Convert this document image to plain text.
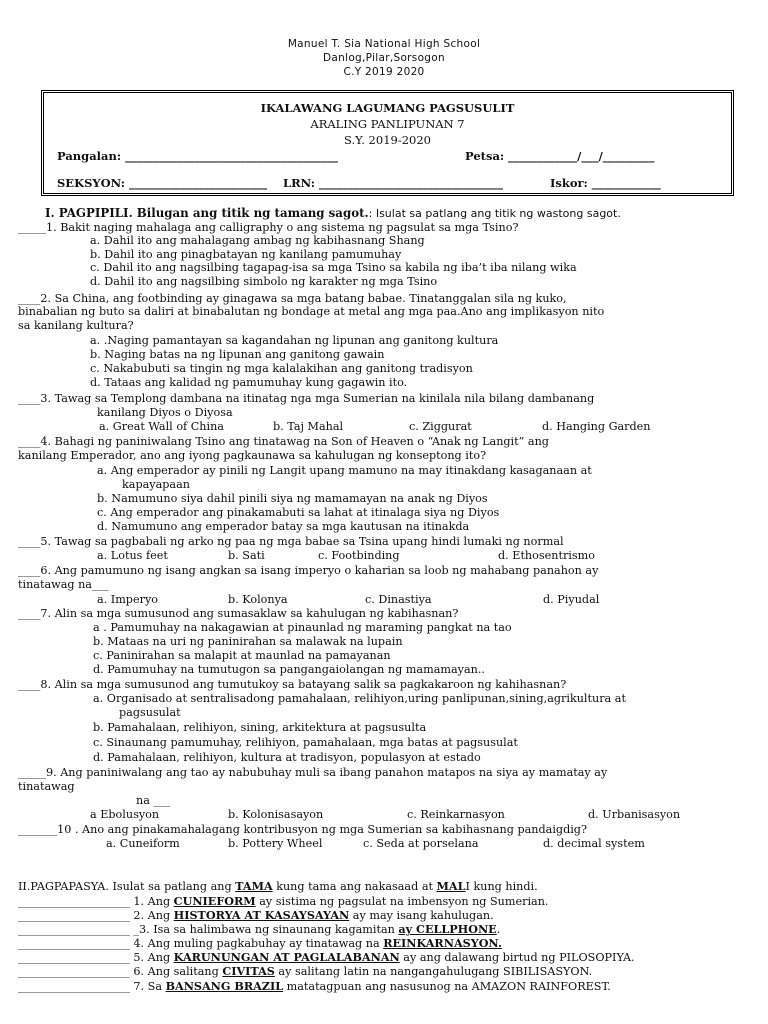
Manuel T. Sia National High School
Danlog,Pilar,Sorsogon
C.Y 2019 2020
IKALAWANG LAGUMANG PAGSUSULIT
ARALING PANLIPUNAN 7
S.Y. 2019-2020
Pangalan: _____________________________________	Petsa: ____________/___/_________
SEKSYON: ________________________ LRN: ________________________________	Iskor: ____________
I. PAGPIPILI. Bilugan ang titik ng tamang sagot.: Isulat sa patlang ang titik ng wastong sagot.
_____1. Bakit naging mahalaga ang calligraphy o ang sistema ng pagsulat sa mga Tsino?
a. Dahil ito ang mahalagang ambag ng kabihasnang Shang
b. Dahil ito ang pinagbatayan ng kanilang pamumuhay
c. Dahil ito ang nagsilbing tagapag-isa sa mga Tsino sa kabila ng iba’t iba nilang wika
d. Dahil ito ang nagsilbing simbolo ng karakter ng mga Tsino
____2. Sa China, ang footbinding ay ginagawa sa mga batang babae. Tinatanggalan sila ng kuko,
binabalian ng buto sa daliri at binabalutan ng bondage at metal ang mga paa.Ano ang implikasyon nito
sa kanilang kultura?
a. .Naging pamantayan sa kagandahan ng lipunan ang ganitong kultura
b. Naging batas na ng lipunan ang ganitong gawain
c. Nakabubuti sa tingin ng mga kalalakihan ang ganitong tradisyon
d. Tataas ang kalidad ng pamumuhay kung gagawin ito.
____3. Tawag sa Templong dambana na itinatag nga mga Sumerian na kinilala nila bilang dambanang
kanilang Diyos o Diyosa
a. Great Wall of China	b. Taj Mahal	c. Ziggurat	d. Hanging Garden
____4. Bahagi ng paniniwalang Tsino ang tinatawag na Son of Heaven o “Anak ng Langit” ang
kanilang Emperador, ano ang iyong pagkaunawa sa kahulugan ng konseptong ito?
a. Ang emperador ay pinili ng Langit upang mamuno na may itinakdang kasaganaan at
kapayapaan
b. Namumuno siya dahil pinili siya ng mamamayan na anak ng Diyos
c. Ang emperador ang pinakamabuti sa lahat at itinalaga siya ng Diyos
d. Namumuno ang emperador batay sa mga kautusan na itinakda
____5. Tawag sa pagbabali ng arko ng paa ng mga babae sa Tsina upang hindi lumaki ng normal
a. Lotus feet	b. Sati	c. Footbinding	d. Ethosentrismo
____6. Ang pamumuno ng isang angkan sa isang imperyo o kaharian sa loob ng mahabang panahon ay
tinatawag na___
a. Imperyo	b. Kolonya	c. Dinastiya	d. Piyudal
____7. Alin sa mga sumusunod ang sumasaklaw sa kahulugan ng kabihasnan?
a . Pamumuhay na nakagawian at pinaunlad ng maraming pangkat na tao
b. Mataas na uri ng paninirahan sa malawak na lupain
c. Paninirahan sa malapit at maunlad na pamayanan
d. Pamumuhay na tumutugon sa pangangaiolangan ng mamamayan..
____8. Alin sa mga sumusunod ang tumutukoy sa batayang salik sa pagkakaroon ng kahihasnan?
a. Organisado at sentralisadong pamahalaan, relihiyon,uring panlipunan,sining,agrikultura at
pagsusulat
b. Pamahalaan, relihiyon, sining, arkitektura at pagsusulta
c. Sinaunang pamumuhay, relihiyon, pamahalaan, mga batas at pagsusulat
d. Pamahalaan, relihiyon, kultura at tradisyon, populasyon at estado
_____9. Ang paniniwalang ang tao ay nabubuhay muli sa ibang panahon matapos na siya ay mamatay ay
tinatawag
na ___
a Ebolusyon	b. Kolonisasayon	c. Reinkarnasyon	d. Urbanisasyon
_______10 . Ano ang pinakamahalagang kontribusyon ng mga Sumerian sa kabihasnang pandaigdig?
a. Cuneiform	b. Pottery Wheel	c. Seda at porselana	d. decimal system
II.PAGPAPASYA. Isulat sa patlang ang TAMA kung tama ang nakasaad at MALI kung hindi.
____________________ 1. Ang CUNIEFORM ay sistima ng pagsulat na imbensyon ng Sumerian.
____________________ 2. Ang HISTORYA AT KASAYSAYAN ay may isang kahulugan.
____________________ _3. Isa sa halimbawa ng sinaunang kagamitan ay CELLPHONE.
____________________ 4. Ang muling pagkabuhay ay tinatawag na REINKARNASYON.
____________________ 5. Ang KARUNUNGAN AT PAGLALABANAN ay ang dalawang birtud ng PILOSOPIYA.
____________________ 6. Ang salitang CIVITAS ay salitang latin na nangangahulugang SIBILISASYON.
____________________ 7. Sa BANSANG BRAZIL matatagpuan ang nasusunog na AMAZON RAINFOREST.
